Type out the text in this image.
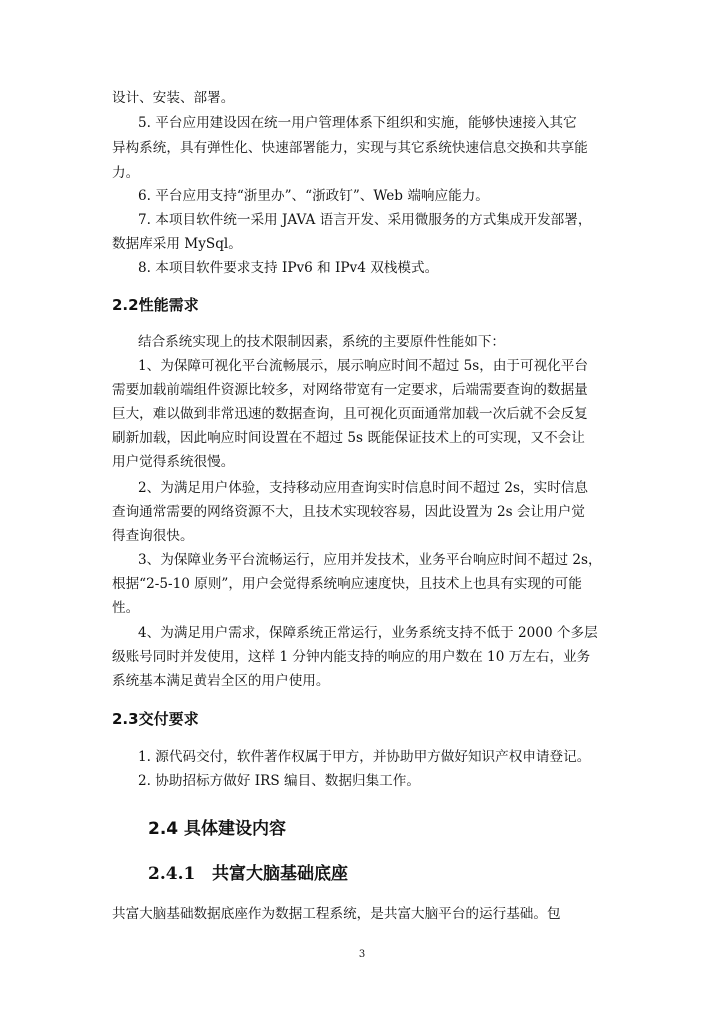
设计、安装、部署。
5. 平台应用建设因在统一用户管理体系下组织和实施，能够快速接入其它
异构系统，具有弹性化、快速部署能力，实现与其它系统快速信息交换和共享能
力。
6. 平台应用支持“浙里办”、“浙政钉”、Web 端响应能力。
7. 本项目软件统一采用 JAVA 语言开发、采用微服务的方式集成开发部署，
数据库采用 MySql。
8. 本项目软件要求支持 IPv6 和 IPv4 双栈模式。
2.2性能需求
结合系统实现上的技术限制因素，系统的主要原件性能如下：
1、为保障可视化平台流畅展示，展示响应时间不超过 5s，由于可视化平台
需要加载前端组件资源比较多，对网络带宽有一定要求，后端需要查询的数据量
巨大，难以做到非常迅速的数据查询，且可视化页面通常加载一次后就不会反复
刷新加载，因此响应时间设置在不超过 5s 既能保证技术上的可实现，又不会让
用户觉得系统很慢。
2、为满足用户体验，支持移动应用查询实时信息时间不超过 2s，实时信息
查询通常需要的网络资源不大，且技术实现较容易，因此设置为 2s 会让用户觉
得查询很快。
3、为保障业务平台流畅运行，应用并发技术，业务平台响应时间不超过 2s，
根据“2-5-10 原则”，用户会觉得系统响应速度快，且技术上也具有实现的可能
性。
4、为满足用户需求，保障系统正常运行，业务系统支持不低于 2000 个多层
级账号同时并发使用，这样 1 分钟内能支持的响应的用户数在 10 万左右，业务
系统基本满足黄岩全区的用户使用。
2.3交付要求
1. 源代码交付，软件著作权属于甲方，并协助甲方做好知识产权申请登记。
2. 协助招标方做好 IRS 编目、数据归集工作。
2.4 具体建设内容
2.4.1 共富大脑基础底座
共富大脑基础数据底座作为数据工程系统，是共富大脑平台的运行基础。包
3
